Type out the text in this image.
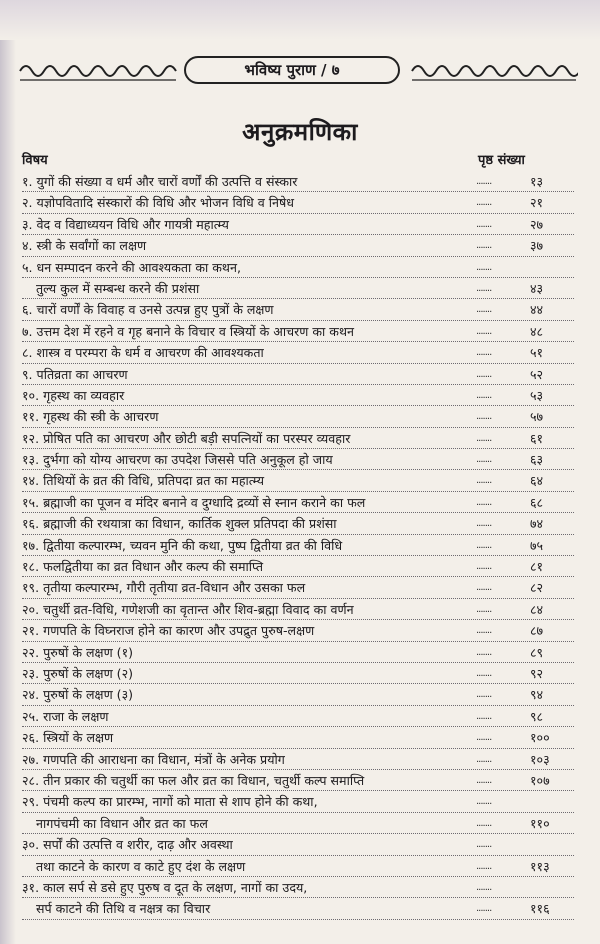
भविष्य पुराण / ७
अनुक्रमणिका
विषय	पृष्ठ संख्या
१. युगों की संख्या व धर्म और चारों वर्णों की उत्पत्ति व संस्कार	.......	१३
२. यज्ञोपवितादि संस्कारों की विधि और भोजन विधि व निषेध	.......	२१
३. वेद व विद्याध्ययन विधि और गायत्री महात्म्य	.......	२७
४. स्त्री के सर्वांगों का लक्षण	.......	३७
५. धन सम्पादन करने की आवश्यकता का कथन,	.......
तुल्य कुल में सम्बन्ध करने की प्रशंसा	.......	४३
६. चारों वर्णों के विवाह व उनसे उत्पन्न हुए पुत्रों के लक्षण	.......	४४
७. उत्तम देश में रहने व गृह बनाने के विचार व स्त्रियों के आचरण का कथन	.......	४८
८. शास्त्र व परम्परा के धर्म व आचरण की आवश्यकता	.......	५१
९. पतिव्रता का आचरण	.......	५२
१०. गृहस्थ का व्यवहार	.......	५३
११. गृहस्थ की स्त्री के आचरण	.......	५७
१२. प्रोषित पति का आचरण और छोटी बड़ी सपत्नियों का परस्पर व्यवहार	.......	६१
१३. दुर्भगा को योग्य आचरण का उपदेश जिससे पति अनुकूल हो जाय	.......	६३
१४. तिथियों के व्रत की विधि, प्रतिपदा व्रत का महात्म्य	.......	६४
१५. ब्रह्माजी का पूजन व मंदिर बनाने व दुग्धादि द्रव्यों से स्नान कराने का फल	.......	६८
१६. ब्रह्माजी की रथयात्रा का विधान, कार्तिक शुक्ल प्रतिपदा की प्रशंसा	.......	७४
१७. द्वितीया कल्पारम्भ, च्यवन मुनि की कथा, पुष्प द्वितीया व्रत की विधि	.......	७५
१८. फलद्वितीया का व्रत विधान और कल्प की समाप्ति	.......	८१
१९. तृतीया कल्पारम्भ, गौरी तृतीया व्रत-विधान और उसका फल	.......	८२
२०. चतुर्थी व्रत-विधि, गणेशजी का वृतान्त और शिव-ब्रह्मा विवाद का वर्णन	.......	८४
२१. गणपति के विघ्नराज होने का कारण और उपद्रुत पुरुष-लक्षण	.......	८७
२२. पुरुषों के लक्षण (१)	.......	८९
२३. पुरुषों के लक्षण (२)	.......	९२
२४. पुरुषों के लक्षण (३)	.......	९४
२५. राजा के लक्षण	.......	९८
२६. स्त्रियों के लक्षण	.......	१००
२७. गणपति की आराधना का विधान, मंत्रों के अनेक प्रयोग	.......	१०३
२८. तीन प्रकार की चतुर्थी का फल और व्रत का विधान, चतुर्थी कल्प समाप्ति	.......	१०७
२९. पंचमी कल्प का प्रारम्भ, नागों को माता से शाप होने की कथा,	.......
नागपंचमी का विधान और व्रत का फल	.......	११०
३०. सर्पों की उत्पत्ति व शरीर, दाढ़ और अवस्था	.......
तथा काटने के कारण व काटे हुए दंश के लक्षण	.......	११३
३१. काल सर्प से डसे हुए पुरुष व दूत के लक्षण, नागों का उदय,	.......
सर्प काटने की तिथि व नक्षत्र का विचार	.......	११६
